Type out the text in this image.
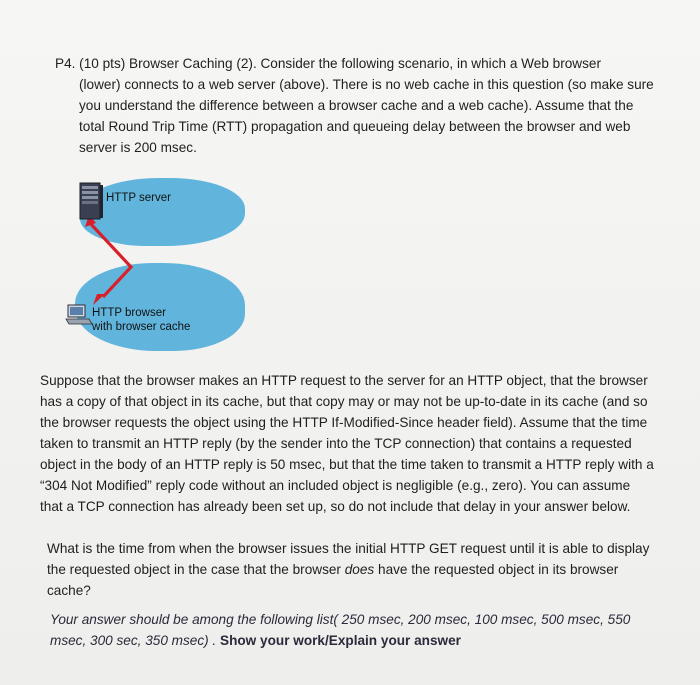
P4. (10 pts) Browser Caching (2). Consider the following scenario, in which a Web browser
(lower) connects to a web server (above). There is no web cache in this question (so make sure you understand the difference between a browser cache and a web cache). Assume that the total Round Trip Time (RTT) propagation and queueing delay between the browser and web server is 200 msec.
HTTP server
HTTP browser
with browser cache
Suppose that the browser makes an HTTP request to the server for an HTTP object, that the browser has a copy of that object in its cache, but that copy may or may not be up-to-date in its cache (and so the browser requests the object using the HTTP If-Modified-Since header field). Assume that the time taken to transmit an HTTP reply (by the sender into the TCP connection) that contains a requested object in the body of an HTTP reply is 50 msec, but that the time taken to transmit a HTTP reply with a “304 Not Modified” reply code without an included object is negligible (e.g., zero). You can assume that a TCP connection has already been set up, so do not include that delay in your answer below.
What is the time from when the browser issues the initial HTTP GET request until it is able to display the requested object in the case that the browser does have the requested object in its browser cache?
Your answer should be among the following list( 250 msec, 200 msec, 100 msec, 500 msec, 550 msec, 300 sec, 350 msec) . Show your work/Explain your answer
